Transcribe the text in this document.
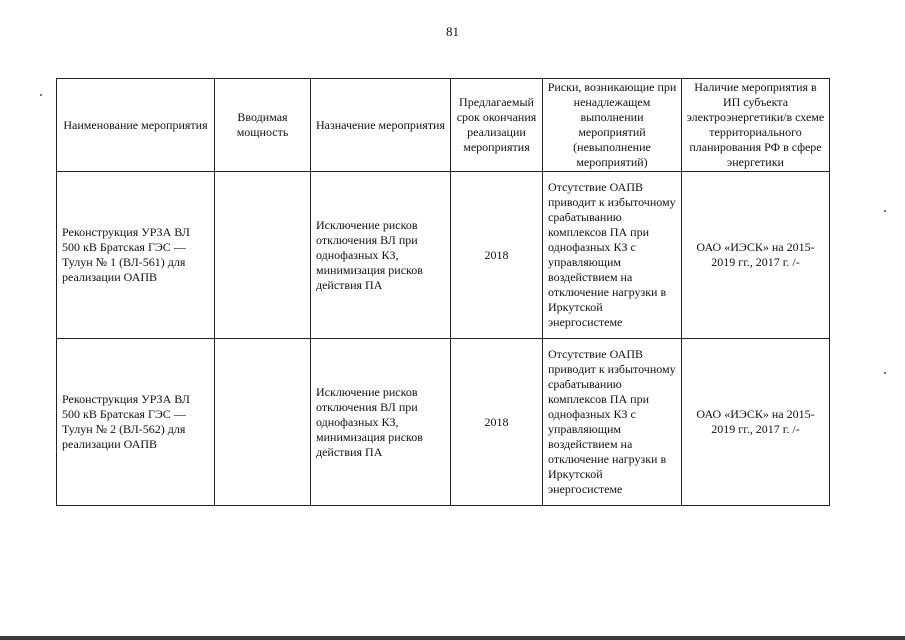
81
Наименование мероприятия	Вводимая мощность	Назначение мероприятия	Предлагаемый срок окончания реализации мероприятия	Риски, возникающие при ненадлежащем выполнении мероприятий (невыполнение мероприятий)	Наличие мероприятия в ИП субъекта электроэнергетики/в схеме территориального планирования РФ в сфере энергетики
Реконструкция УРЗА ВЛ 500 кВ Братская ГЭС — Тулун № 1 (ВЛ-561) для реализации ОАПВ		Исключение рисков отключения ВЛ при однофазных КЗ, минимизация рисков действия ПА	2018	Отсутствие ОАПВ приводит к избыточному срабатыванию комплексов ПА при однофазных КЗ с управляющим воздействием на отключение нагрузки в Иркутской энергосистеме	ОАО «ИЭСК» на 2015-2019 гг., 2017 г. /-
Реконструкция УРЗА ВЛ 500 кВ Братская ГЭС — Тулун № 2 (ВЛ-562) для реализации ОАПВ		Исключение рисков отключения ВЛ при однофазных КЗ, минимизация рисков действия ПА	2018	Отсутствие ОАПВ приводит к избыточному срабатыванию комплексов ПА при однофазных КЗ с управляющим воздействием на отключение нагрузки в Иркутской энергосистеме	ОАО «ИЭСК» на 2015-2019 гг., 2017 г. /-
